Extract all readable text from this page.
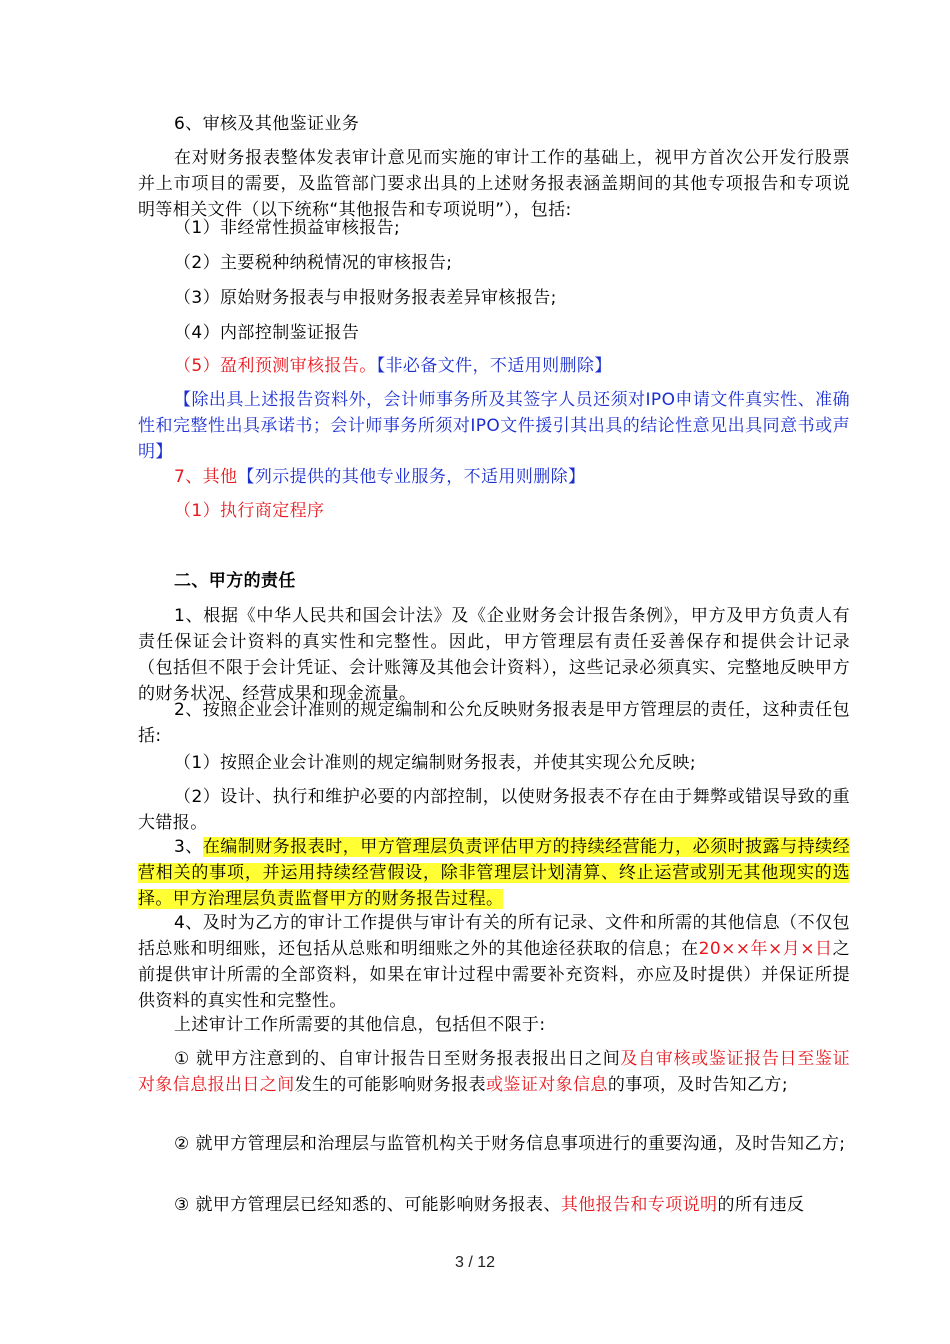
6、审核及其他鉴证业务

在对财务报表整体发表审计意见而实施的审计工作的基础上，视甲方首次公开发行股票并上市项目的需要，及监管部门要求出具的上述财务报表涵盖期间的其他专项报告和专项说明等相关文件（以下统称“其他报告和专项说明”），包括:

（1）非经常性损益审核报告;

（2）主要税种纳税情况的审核报告;

（3）原始财务报表与申报财务报表差异审核报告;

（4）内部控制鉴证报告

（5）盈利预测审核报告。【非必备文件，不适用则删除】

【除出具上述报告资料外，会计师事务所及其签字人员还须对IPO申请文件真实性、准确性和完整性出具承诺书；会计师事务所须对IPO文件援引其出具的结论性意见出具同意书或声明】

7、其他【列示提供的其他专业服务，不适用则删除】

（1）执行商定程序

二、甲方的责任

1、根据《中华人民共和国会计法》及《企业财务会计报告条例》，甲方及甲方负责人有责任保证会计资料的真实性和完整性。因此，甲方管理层有责任妥善保存和提供会计记录（包括但不限于会计凭证、会计账簿及其他会计资料），这些记录必须真实、完整地反映甲方的财务状况、经营成果和现金流量。

2、按照企业会计准则的规定编制和公允反映财务报表是甲方管理层的责任，这种责任包括:

（1）按照企业会计准则的规定编制财务报表，并使其实现公允反映;

（2）设计、执行和维护必要的内部控制，以使财务报表不存在由于舞弊或错误导致的重大错报。

3、在编制财务报表时，甲方管理层负责评估甲方的持续经营能力，必须时披露与持续经营相关的事项，并运用持续经营假设，除非管理层计划清算、终止运营或别无其他现实的选择。甲方治理层负责监督甲方的财务报告过程。

4、及时为乙方的审计工作提供与审计有关的所有记录、文件和所需的其他信息（不仅包括总账和明细账，还包括从总账和明细账之外的其他途径获取的信息；在20××年×月×日之前提供审计所需的全部资料，如果在审计过程中需要补充资料，亦应及时提供）并保证所提供资料的真实性和完整性。

上述审计工作所需要的其他信息，包括但不限于:

① 就甲方注意到的、自审计报告日至财务报表报出日之间及自审核或鉴证报告日至鉴证对象信息报出日之间发生的可能影响财务报表或鉴证对象信息的事项，及时告知乙方;

② 就甲方管理层和治理层与监管机构关于财务信息事项进行的重要沟通，及时告知乙方;

③ 就甲方管理层已经知悉的、可能影响财务报表、其他报告和专项说明的所有违反

3 / 12
